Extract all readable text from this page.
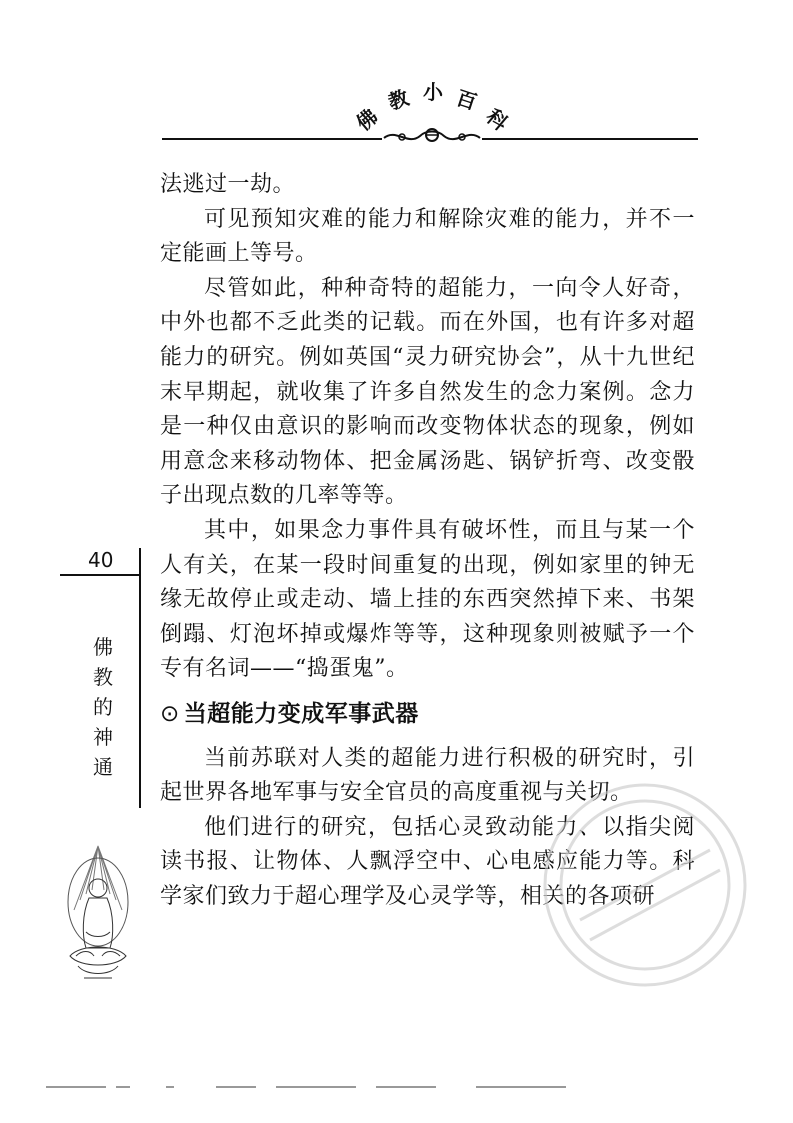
佛
教 小 百
科

法逃过一劫。

可见预知灾难的能力和解除灾难的能力，并不一定能画上等号。

尽管如此，种种奇特的超能力，一向令人好奇，中外也都不乏此类的记载。而在外国，也有许多对超能力的研究。例如英国“灵力研究协会”，从十九世纪末早期起，就收集了许多自然发生的念力案例。念力是一种仅由意识的影响而改变物体状态的现象，例如用意念来移动物体、把金属汤匙、锅铲折弯、改变骰子出现点数的几率等等。

其中，如果念力事件具有破坏性，而且与某一个人有关，在某一段时间重复的出现，例如家里的钟无缘无故停止或走动、墙上挂的东西突然掉下来、书架倒蹋、灯泡坏掉或爆炸等等，这种现象则被赋予一个专有名词——“捣蛋鬼”。

⊙ 当超能力变成军事武器

当前苏联对人类的超能力进行积极的研究时，引起世界各地军事与安全官员的高度重视与关切。

他们进行的研究，包括心灵致动能力、以指尖阅读书报、让物体、人飘浮空中、心电感应能力等。科学家们致力于超心理学及心灵学等，相关的各项研

40
佛
教
的
神
通
